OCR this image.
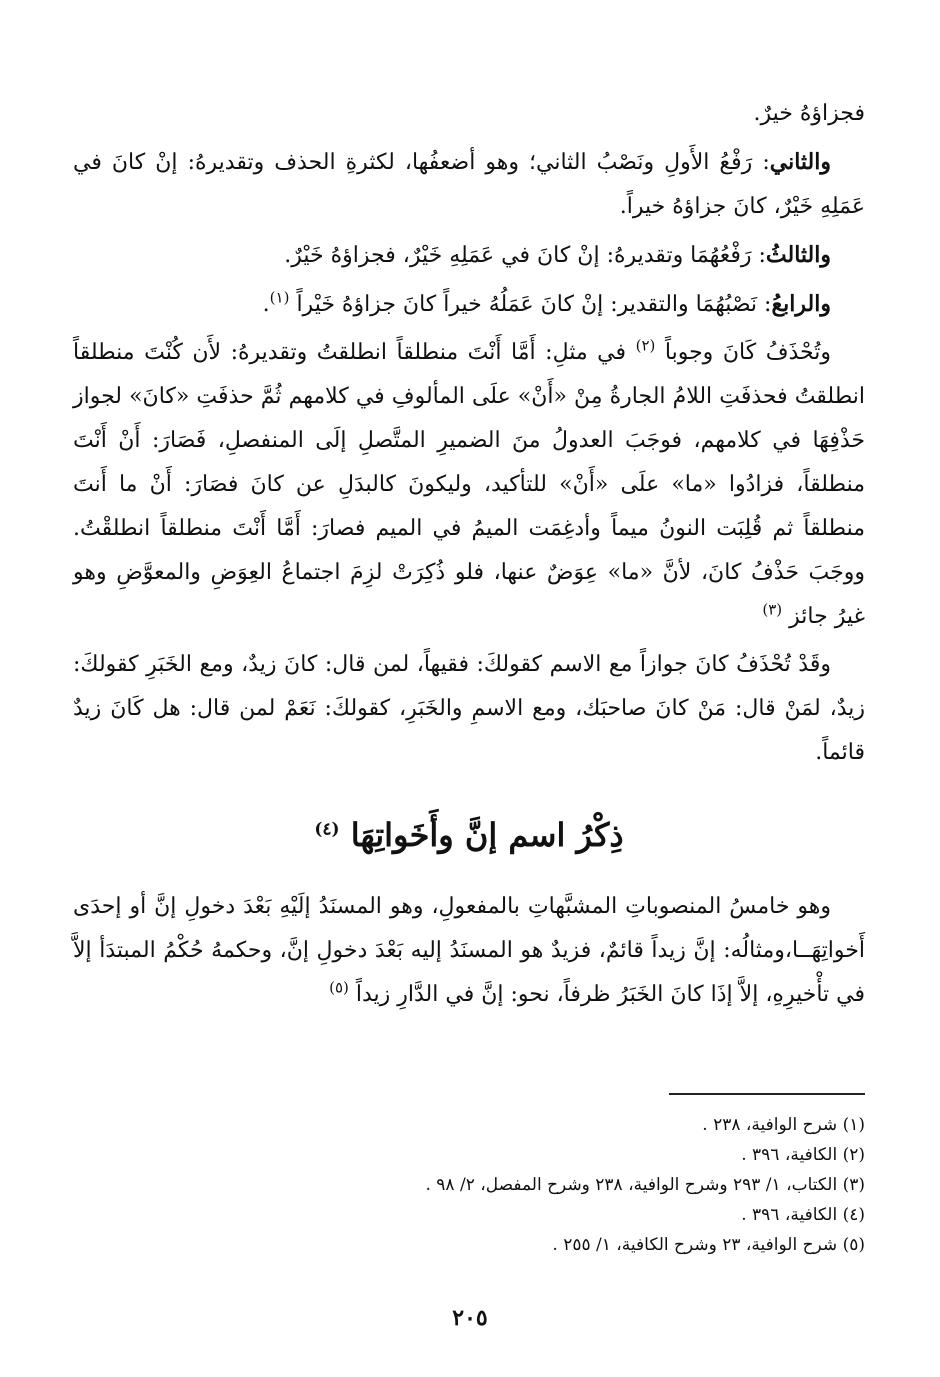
فجزاؤهُ خيرٌ.

والثاني: رَفْعُ الأَولِ ونَصْبُ الثاني؛ وهو أضعفُها، لكثرةِ الحذف وتقديرهُ: إنْ كانَ في عَمَلِهِ خَيْرٌ، كانَ جزاؤهُ خيراً.

والثالثُ: رَفْعُهُمَا وتقديرهُ: إنْ كانَ في عَمَلِهِ خَيْرٌ، فجزاؤهُ خَيْرٌ.

والرابعُ: نَصْبُهُمَا والتقدير: إنْ كانَ عَمَلُهُ خيراً كانَ جزاؤهُ خَيْراً $^{(١)}$.

وتُحْذَفُ كَانَ وجوباً $^{(٢)}$ في مثلِ: أَمَّا أَنْتَ منطلقاً انطلقتُ وتقديرهُ: لأَن كُنْتَ منطلقاً انطلقتُ فحذفَتِ اللامُ الجارةُ مِنْ «أَنْ» علَى المألوفِ في كلامهم ثُمَّ حذفَتِ «كانَ» لجواز حَذْفِهَا في كلامهم، فوجَبَ العدولُ منَ الضميرِ المتَّصلِ إلَى المنفصلِ، فَصَارَ: أَنْ أَنْتَ منطلقاً، فزادُوا «ما» علَى «أَنْ» للتأكيد، وليكونَ كالبدَلِ عن كانَ فصَارَ: أَنْ ما أَنتَ منطلقاً ثم قُلِبَت النونُ ميماً وأدغِمَت الميمُ في الميم فصارَ: أَمَّا أَنْتَ منطلقاً انطلقْتُ. ووجَبَ حَذْفُ كانَ، لأنَّ «ما» عِوَضٌ عنها، فلو ذُكِرَتْ لزِمَ اجتماعُ العِوَضِ والمعوَّضِ وهو غيرُ جائز $^{(٣)}$

وقَدْ تُحْذَفُ كانَ جوازاً مع الاسم كقولكَ: فقيهاً، لمن قال: كانَ زيدٌ، ومع الخَبَرِ كقولكَ: زيدٌ، لمَنْ قال: مَنْ كانَ صاحبَك، ومع الاسمِ والخَبَرِ، كقولكَ: نَعَمْ لمن قال: هل كَانَ زيدٌ قائماً.

ذِكْرُ اسم إنَّ وأَخَواتِهَا $^{(٤)}$

وهو خامسُ المنصوباتِ المشبَّهاتِ بالمفعولِ، وهو المسنَدُ إلَيْهِ بَعْدَ دخولِ إنَّ أو إحدَى أَخواتِهَــا،ومثالُه: إنَّ زيداً قائمٌ، فزيدٌ هو المسنَدُ إليه بَعْدَ دخولِ إنَّ، وحكمهُ حُكْمُ المبتدَأ إلاَّ في تأْخيرِهِ، إلاَّ إذَا كانَ الخَبَرُ ظرفاً، نحو: إنَّ في الدَّارِ زيداً $^{(٥)}$

(١) شرح الوافية، ٢٣٨ .

(٢) الكافية، ٣٩٦ .

(٣) الكتاب، ١/ ٢٩٣ وشرح الوافية، ٢٣٨ وشرح المفصل، ٢/ ٩٨ .

(٤) الكافية، ٣٩٦ .

(٥) شرح الوافية، ٢٣ وشرح الكافية، ١/ ٢٥٥ .

٢٠٥
